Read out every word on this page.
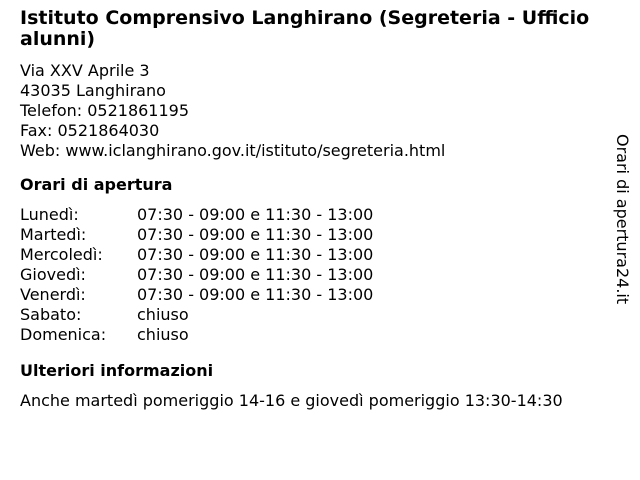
Istituto Comprensivo Langhirano (Segreteria - Ufficio alunni)
Via XXV Aprile 3
43035 Langhirano
Telefon: 0521861195
Fax: 0521864030
Web: www.iclanghirano.gov.it/istituto/segreteria.html
Orari di apertura
Lunedì:	07:30 - 09:00 e 11:30 - 13:00
Martedì:	07:30 - 09:00 e 11:30 - 13:00
Mercoledì:	07:30 - 09:00 e 11:30 - 13:00
Giovedì:	07:30 - 09:00 e 11:30 - 13:00
Venerdì:	07:30 - 09:00 e 11:30 - 13:00
Sabato:	chiuso
Domenica:	chiuso
Ulteriori informazioni
Anche martedì pomeriggio 14-16 e giovedì pomeriggio 13:30-14:30
Orari di apertura24.it
